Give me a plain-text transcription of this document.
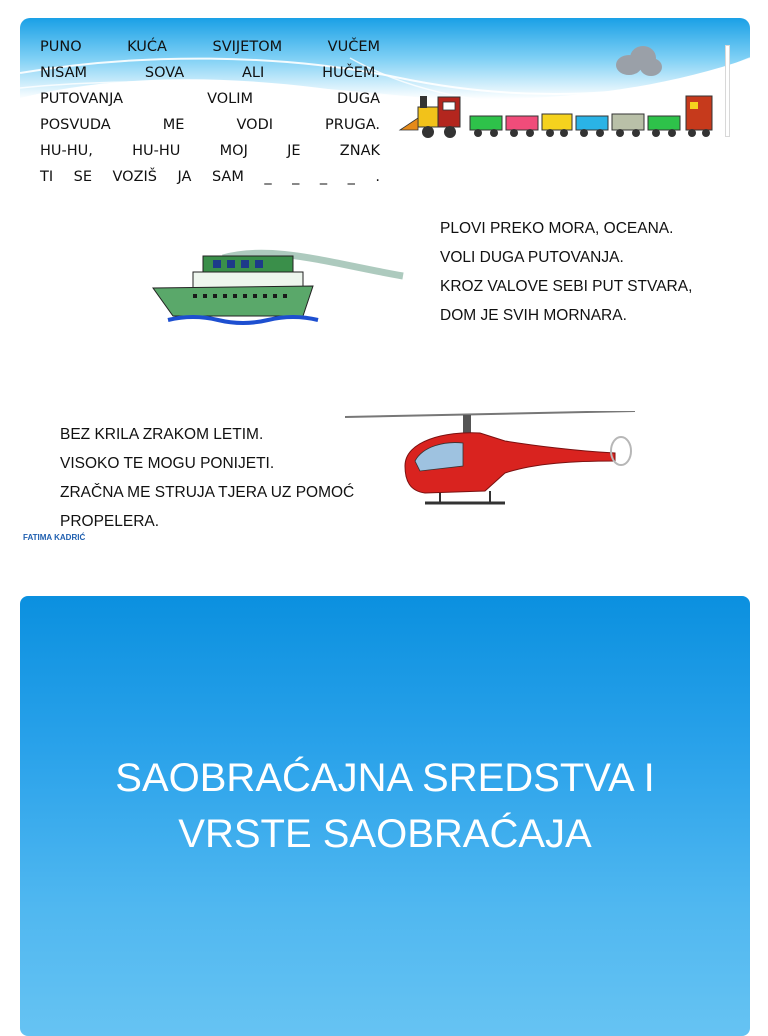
PUNO KUĆA SVIJETOM VUČEM
NISAM SOVA ALI HUČEM.
PUTOVANJA VOLIM DUGA
POSVUDA ME VODI PRUGA.
HU-HU, HU-HU MOJ JE ZNAK
TI SE VOZIŠ JA SAM _ _ _ _ .

PLOVI PREKO MORA, OCEANA.
VOLI DUGA PUTOVANJA.
KROZ VALOVE SEBI PUT STVARA,
DOM JE SVIH MORNARA.

BEZ KRILA ZRAKOM LETIM.
VISOKO TE MOGU PONIJETI.
ZRAČNA ME STRUJA TJERA UZ POMOĆ PROPELERA.

FATIMA KADRIĆ
SAOBRAĆAJNA SREDSTVA I
VRSTE SAOBRAĆAJA
